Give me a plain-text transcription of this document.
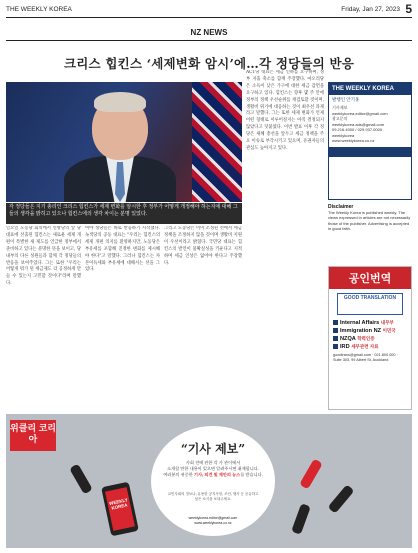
THE WEEKLY KOREA	Friday, Jan 27, 2023 5
NZ NEWS
크리스 힙킨스 ‘세제변화 암시’에…각 정당들의 반응
각 정당들은 지기 총리인 크리스 힙킨스가 세제 변화를 암시한 후 정부가 어떻게 개정해야 하는지에 대해 그들의 생각을 밝히고 있으나 힙킨스에의 생각 차이는 분명 있었다.
일요일 노동당 회의에서 연방당의 앞 당대표에 선출된 힙킨스는 새로운 세제 개편이 특별한 새 제도를 언급한 정부에서 준비하고 있다는 분명한 뜻을 보이고, 당 내부의 다른 성원들과 함께 각 정당들의 반응을 보여주었다. 그는 또한 "우리는 어떻게 뭐가 된 세금제도 더 공정하게 만들 수 있는지 고민할 것이다"라며 말했다.
여야 정당들은 바로 반응하기 시작했다. 녹색당의 공동 대표는 "우리는 힙킨스의 세제 개편 의지를 환영하지만, 노동당은 부유세를 포함해 진정한 변화를 제시해야 한다"고 말했다. 그러나 힙킨스는 자본이득세와 부유세에 대해서는 선을 그었다.
그리고 노동당은 이미 조정된 선에서 세금 정책을 조정하지 않을 것이며 생활비 지원이 우선이라고 밝혔다. 국민당 대표는 힙킨스의 발언이 불확실성을 키운다고 지적하며 세금 인상은 없어야 한다고 주장했다.
ACT당 대표는 세금 인하를 요구하며, 정부 지출 축소를 함께 주장했다. 마오리당은 소득이 낮은 가구에 대한 세금 감면을 요구하고 있다. 힙킨스는 향후 몇 주 안에 정부의 정책 우선순위를 재검토할 것이며, 생활비 위기에 대응하는 것이 최우선 과제라고 말했다. 그는 또한 세제 변화가 언제 어떤 형태로 이루어질지는 아직 결정되지 않았다고 덧붙였다. 이번 발표 이후 각 정당은 새해 총선을 앞두고 세금 정책을 주요 이슈로 부각시키고 있으며, 유권자들의 관심도 높아지고 있다.
THE WEEKLY KOREA
발행인 안기홍
기사제보
weeklykorea.editor@gmail.com
광고문의
weeklykorea.ads@gmail.com
09.216.4000 / 029.937.0000
weeklykorea
www.weeklykorea.co.nz
Disclaimer
The Weekly Korea is published weekly. The views expressed in articles are not necessarily those of the publisher. Advertising is accepted in good faith.
공인번역
GOOD TRANSLATION
Internal Affairs 내무부
Immigration NZ 이민국
NZQA 학력인증
IRD 세무관련 자료
goodtrans@gmail.com · 021.800.000 · Suite 303, 99 Albert St, Auckland
위클리 코리아
WEEKLY KOREA
“기사 제보”
사회 전에 관한 각 가 관이에서
소개할 만한 내용이 있으면 알려주시면 취재합니다.
여러분의 귀중한 기사, 의견 및 제안의 뉴스를 받습니다.
교민사회의 정보나, 유용한 공지사항, 조언, 행사 등 공유하고 싶은 소식을 보내주세요.
weeklykorea.editor@gmail.com
www.weeklykorea.co.nz
